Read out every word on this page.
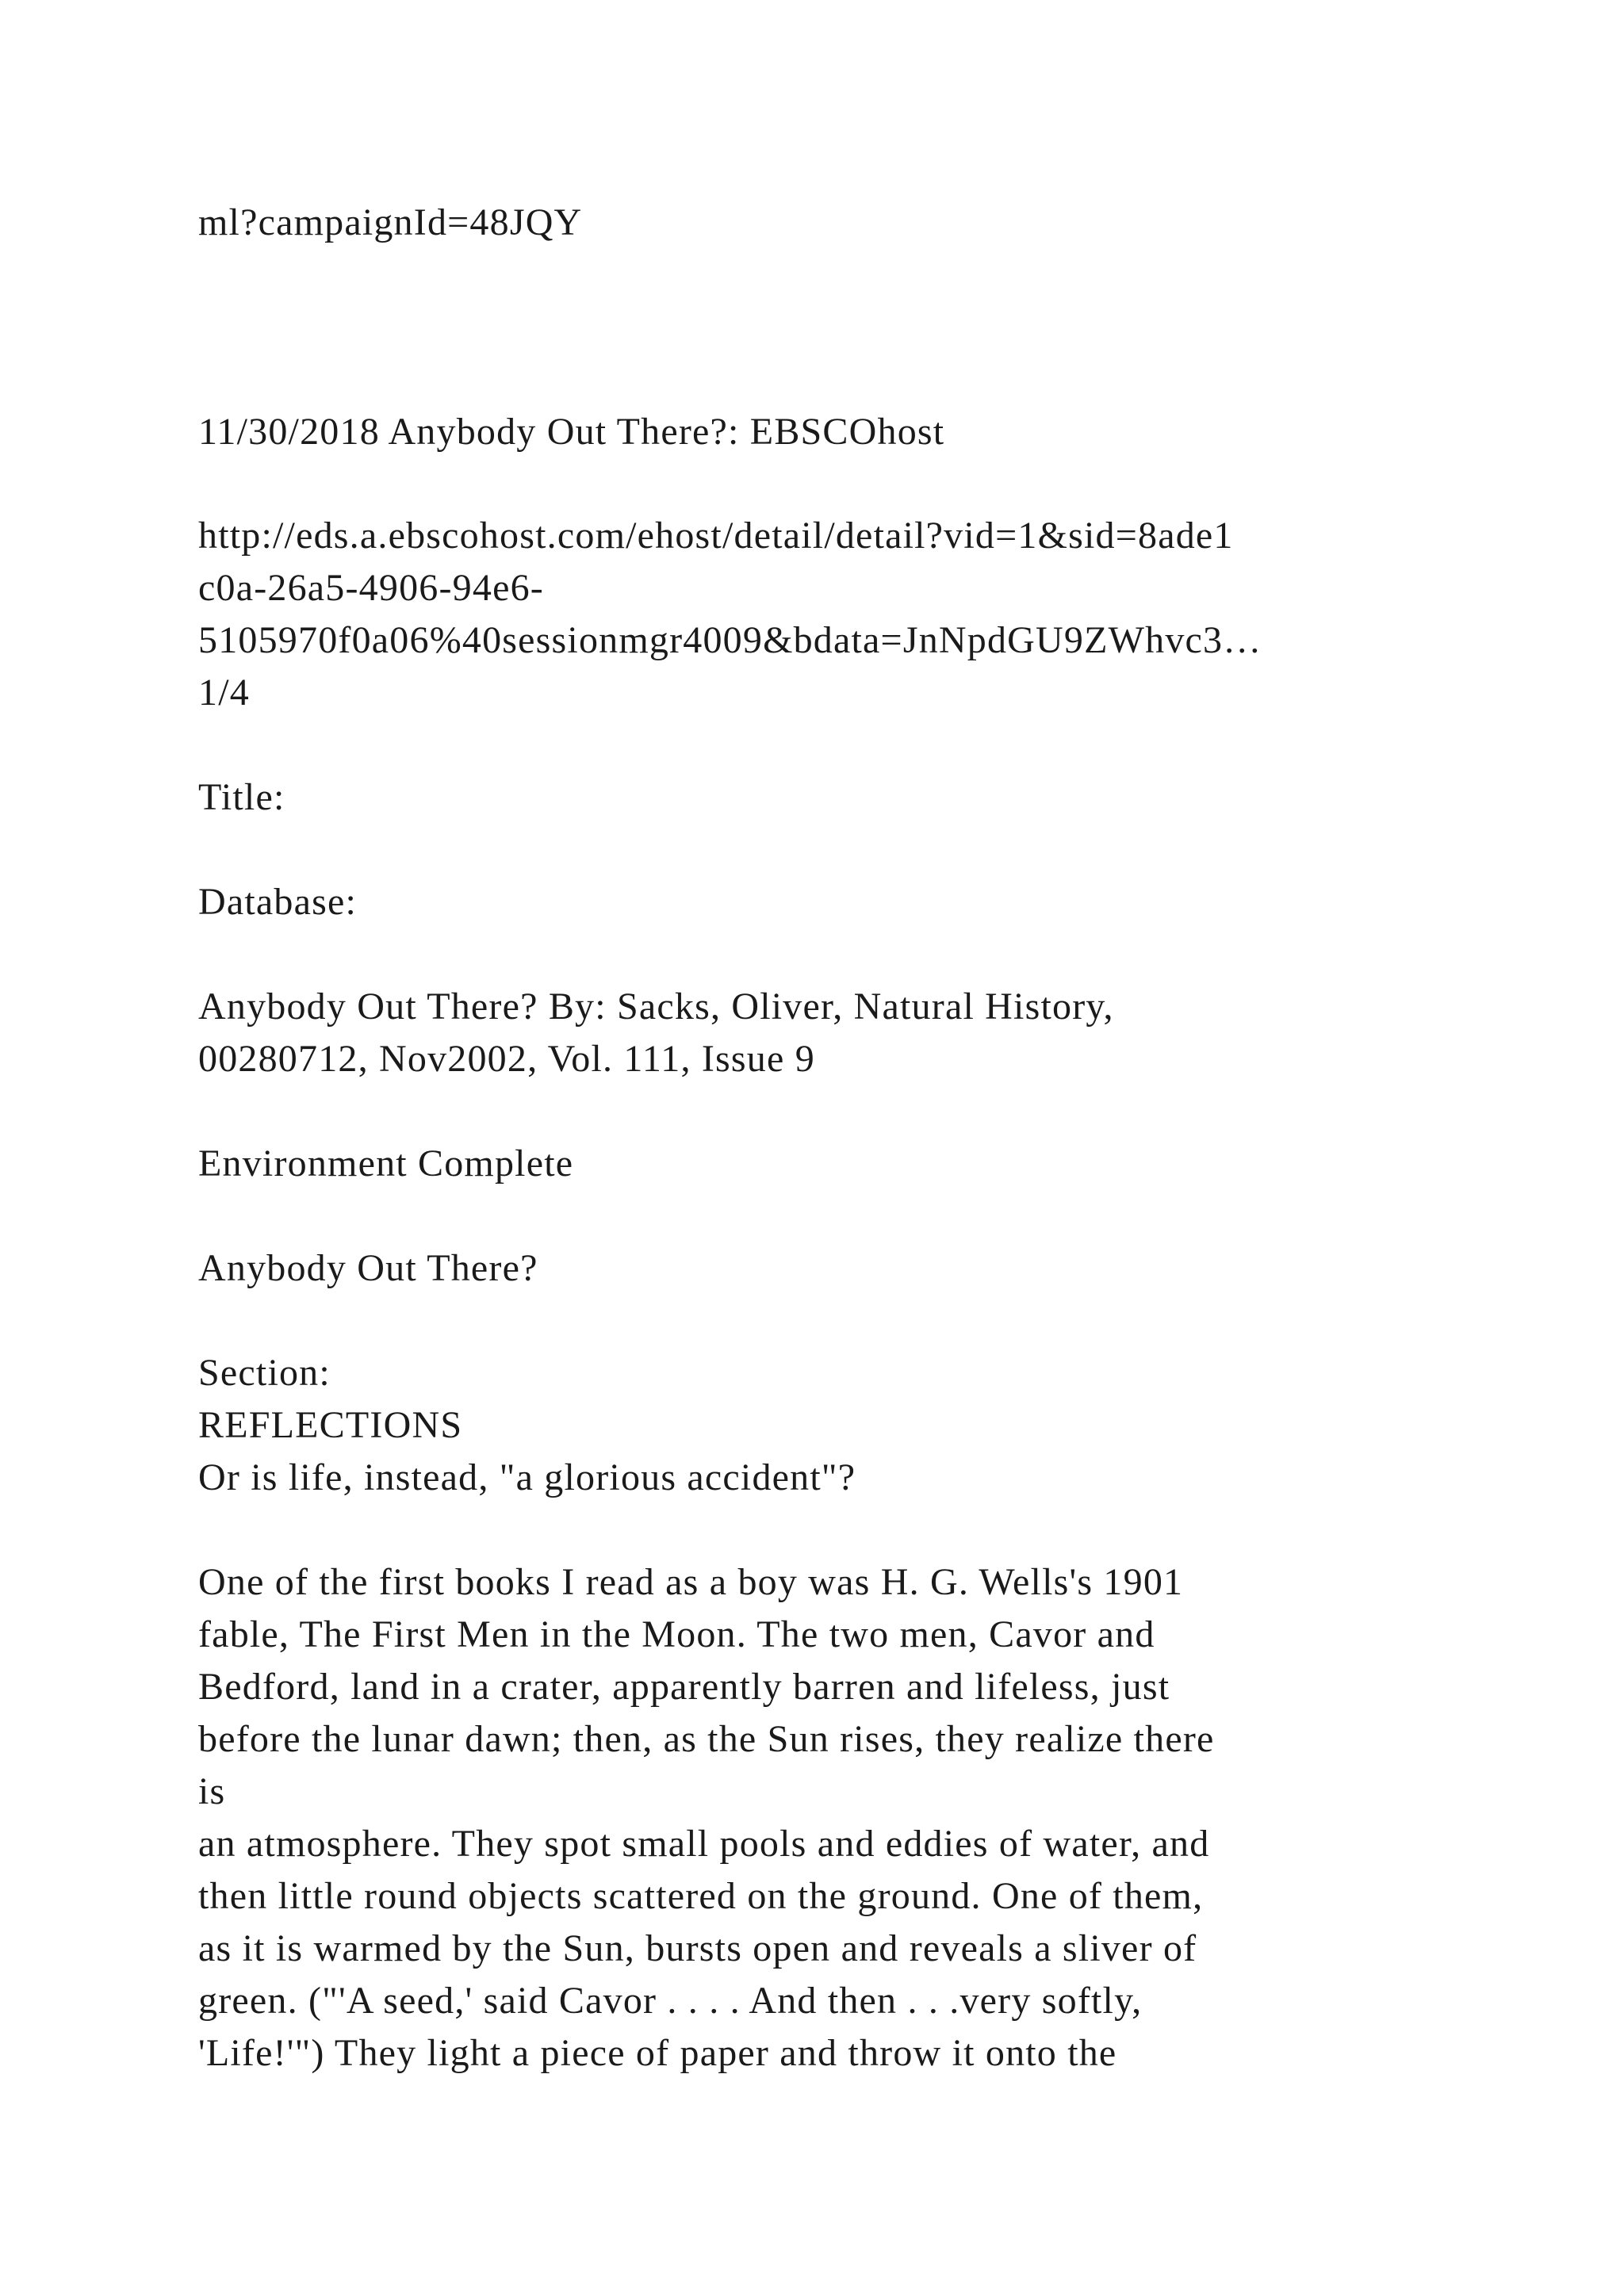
ml?campaignId=48JQY
11/30/2018 Anybody Out There?: EBSCOhost
http://eds.a.ebscohost.com/ehost/detail/detail?vid=1&sid=8ade1
c0a-26a5-4906-94e6-
5105970f0a06%40sessionmgr4009&bdata=JnNpdGU9ZWhvc3…
1/4
Title:
Database:
Anybody Out There? By: Sacks, Oliver, Natural History,
00280712, Nov2002, Vol. 111, Issue 9
Environment Complete
Anybody Out There?
Section:
REFLECTIONS
Or is life, instead, "a glorious accident"?
One of the first books I read as a boy was H. G. Wells's 1901
fable, The First Men in the Moon. The two men, Cavor and
Bedford, land in a crater, apparently barren and lifeless, just
before the lunar dawn; then, as the Sun rises, they realize there
is
an atmosphere. They spot small pools and eddies of water, and
then little round objects scattered on the ground. One of them,
as it is warmed by the Sun, bursts open and reveals a sliver of
green. ("'A seed,' said Cavor . . . . And then . . .very softly,
'Life!'") They light a piece of paper and throw it onto the
